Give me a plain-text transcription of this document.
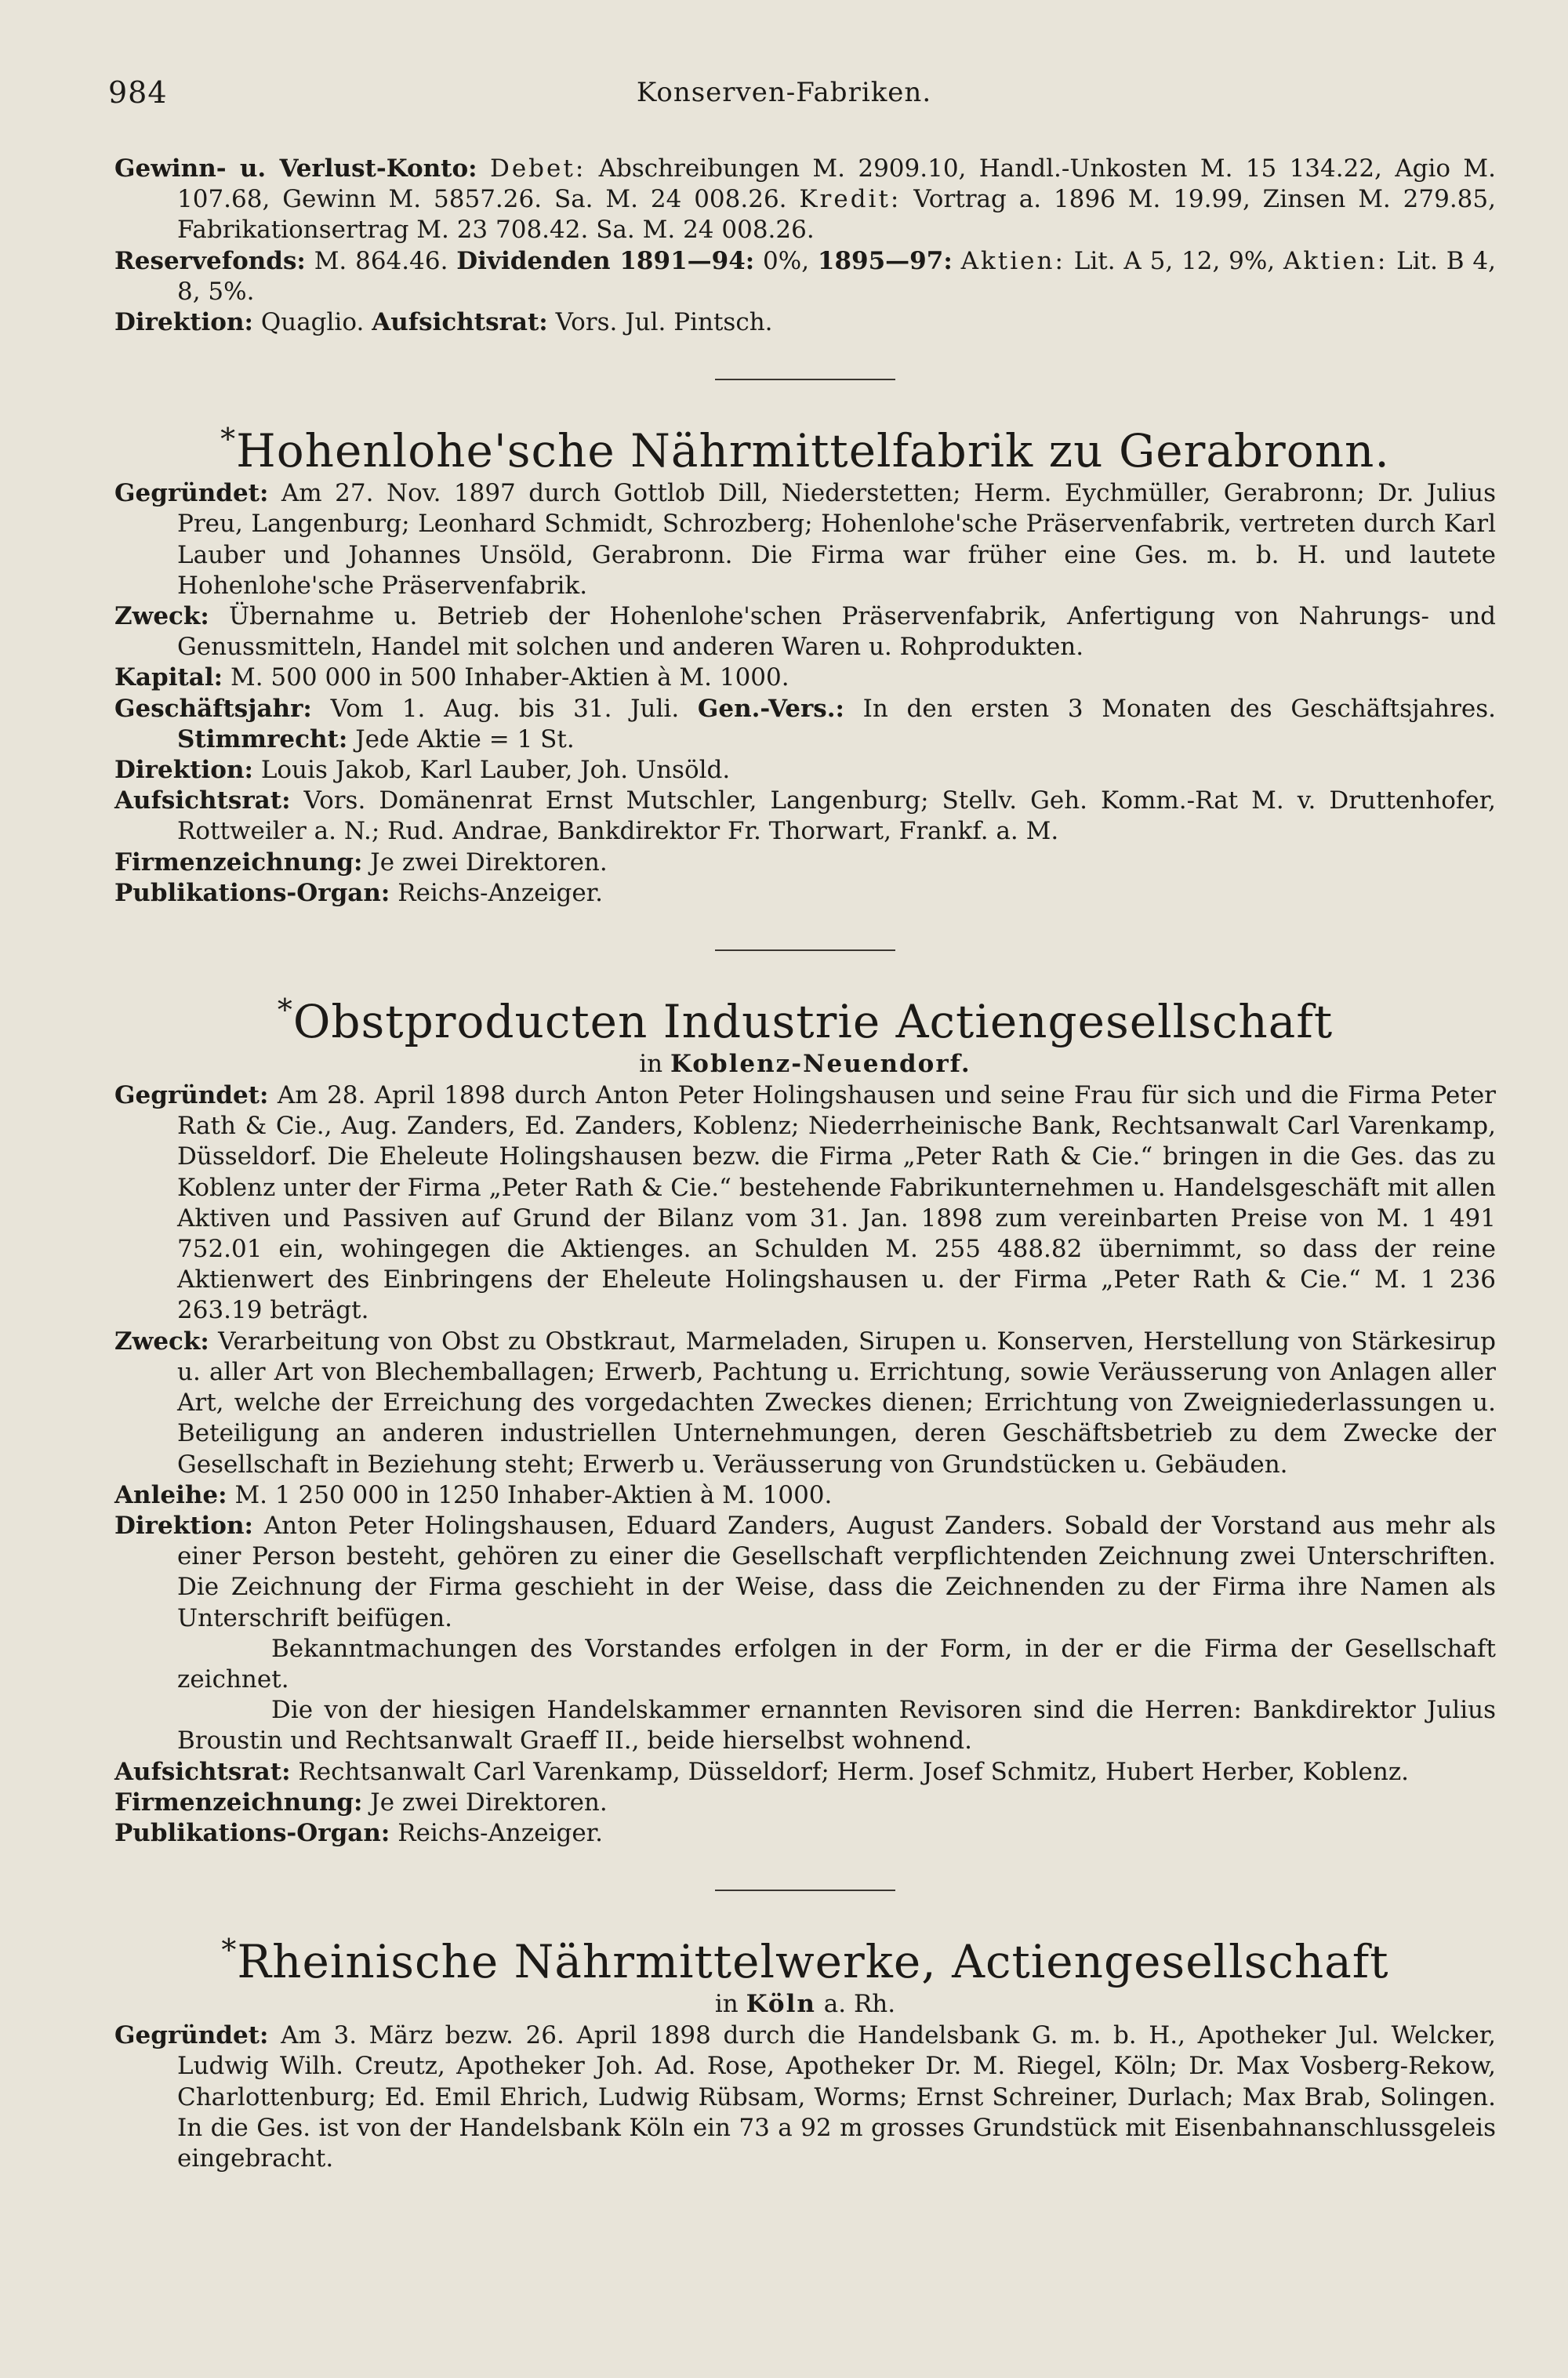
984	Konserven-Fabriken.

Gewinn- u. Verlust-Konto: Debet: Abschreibungen M. 2909.10, Handl.-Unkosten M. 15 134.22, Agio M. 107.68, Gewinn M. 5857.26. Sa. M. 24 008.26. Kredit: Vortrag a. 1896 M. 19.99, Zinsen M. 279.85, Fabrikationsertrag M. 23 708.42. Sa. M. 24 008.26.

Reservefonds: M. 864.46. Dividenden 1891—94: 0%, 1895—97: Aktien: Lit. A 5, 12, 9%, Aktien: Lit. B 4, 8, 5%.

Direktion: Quaglio. Aufsichtsrat: Vors. Jul. Pintsch.

*Hohenlohe'sche Nährmittelfabrik zu Gerabronn.

Gegründet: Am 27. Nov. 1897 durch Gottlob Dill, Niederstetten; Herm. Eychmüller, Gerabronn; Dr. Julius Preu, Langenburg; Leonhard Schmidt, Schrozberg; Hohenlohe'sche Präservenfabrik, vertreten durch Karl Lauber und Johannes Unsöld, Gerabronn. Die Firma war früher eine Ges. m. b. H. und lautete Hohenlohe'sche Präservenfabrik.

Zweck: Übernahme u. Betrieb der Hohenlohe'schen Präservenfabrik, Anfertigung von Nahrungs- und Genussmitteln, Handel mit solchen und anderen Waren u. Rohprodukten.

Kapital: M. 500 000 in 500 Inhaber-Aktien à M. 1000.

Geschäftsjahr: Vom 1. Aug. bis 31. Juli. Gen.-Vers.: In den ersten 3 Monaten des Geschäftsjahres. Stimmrecht: Jede Aktie = 1 St.

Direktion: Louis Jakob, Karl Lauber, Joh. Unsöld.

Aufsichtsrat: Vors. Domänenrat Ernst Mutschler, Langenburg; Stellv. Geh. Komm.-Rat M. v. Druttenhofer, Rottweiler a. N.; Rud. Andrae, Bankdirektor Fr. Thorwart, Frankf. a. M.

Firmenzeichnung: Je zwei Direktoren.

Publikations-Organ: Reichs-Anzeiger.

*Obstproducten Industrie Actiengesellschaft

in Koblenz-Neuendorf.

Gegründet: Am 28. April 1898 durch Anton Peter Holingshausen und seine Frau für sich und die Firma Peter Rath & Cie., Aug. Zanders, Ed. Zanders, Koblenz; Niederrheinische Bank, Rechtsanwalt Carl Varenkamp, Düsseldorf. Die Eheleute Holingshausen bezw. die Firma „Peter Rath & Cie.“ bringen in die Ges. das zu Koblenz unter der Firma „Peter Rath & Cie.“ bestehende Fabrikunternehmen u. Handelsgeschäft mit allen Aktiven und Passiven auf Grund der Bilanz vom 31. Jan. 1898 zum vereinbarten Preise von M. 1 491 752.01 ein, wohingegen die Aktienges. an Schulden M. 255 488.82 übernimmt, so dass der reine Aktienwert des Einbringens der Eheleute Holingshausen u. der Firma „Peter Rath & Cie.“ M. 1 236 263.19 beträgt.

Zweck: Verarbeitung von Obst zu Obstkraut, Marmeladen, Sirupen u. Konserven, Herstellung von Stärkesirup u. aller Art von Blechemballagen; Erwerb, Pachtung u. Errichtung, sowie Veräusserung von Anlagen aller Art, welche der Erreichung des vorgedachten Zweckes dienen; Errichtung von Zweigniederlassungen u. Beteiligung an anderen industriellen Unternehmungen, deren Geschäftsbetrieb zu dem Zwecke der Gesellschaft in Beziehung steht; Erwerb u. Veräusserung von Grundstücken u. Gebäuden.

Anleihe: M. 1 250 000 in 1250 Inhaber-Aktien à M. 1000.

Direktion: Anton Peter Holingshausen, Eduard Zanders, August Zanders. Sobald der Vorstand aus mehr als einer Person besteht, gehören zu einer die Gesellschaft verpflichtenden Zeichnung zwei Unterschriften. Die Zeichnung der Firma geschieht in der Weise, dass die Zeichnenden zu der Firma ihre Namen als Unterschrift beifügen.

Bekanntmachungen des Vorstandes erfolgen in der Form, in der er die Firma der Gesellschaft zeichnet.

Die von der hiesigen Handelskammer ernannten Revisoren sind die Herren: Bankdirektor Julius Broustin und Rechtsanwalt Graeff II., beide hierselbst wohnend.

Aufsichtsrat: Rechtsanwalt Carl Varenkamp, Düsseldorf; Herm. Josef Schmitz, Hubert Herber, Koblenz.

Firmenzeichnung: Je zwei Direktoren.

Publikations-Organ: Reichs-Anzeiger.

*Rheinische Nährmittelwerke, Actiengesellschaft

in Köln a. Rh.

Gegründet: Am 3. März bezw. 26. April 1898 durch die Handelsbank G. m. b. H., Apotheker Jul. Welcker, Ludwig Wilh. Creutz, Apotheker Joh. Ad. Rose, Apotheker Dr. M. Riegel, Köln; Dr. Max Vosberg-Rekow, Charlottenburg; Ed. Emil Ehrich, Ludwig Rübsam, Worms; Ernst Schreiner, Durlach; Max Brab, Solingen. In die Ges. ist von der Handelsbank Köln ein 73 a 92 m grosses Grundstück mit Eisenbahnanschlussgeleis eingebracht.
